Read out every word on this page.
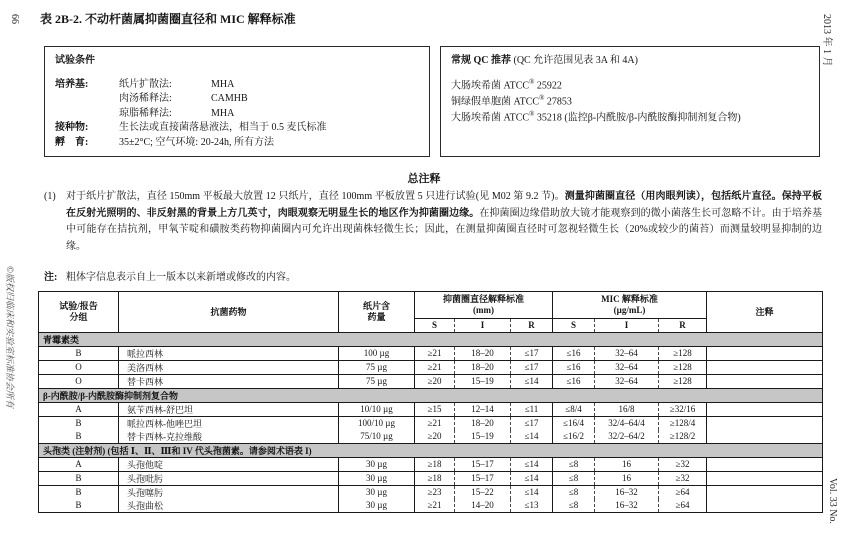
66
©版权归临床和实验室标准协会所有
2013 年 1 月
Vol. 33 No.
表 2B-2. 不动杆菌属抑菌圈直径和 MIC 解释标准
试验条件
培养基:	纸片扩散法:	MHA
肉汤稀释法:	CAMHB
琼脂稀释法:	MHA
接种物:	生长法或直接菌落悬液法，相当于 0.5 麦氏标准
孵　育:	35±2°C; 空气环境: 20-24h, 所有方法
常规 QC 推荐 (QC 允许范围见表 3A 和 4A)
大肠埃希菌 ATCC® 25922
铜绿假单胞菌 ATCC® 27853
大肠埃希菌 ATCC® 35218 (监控β-内酰胺/β-内酰胺酶抑制剂复合物)
总注释
(1)	对于纸片扩散法，直径 150mm 平板最大放置 12 只纸片，直径 100mm 平板放置 5 只进行试验(见 M02 第 9.2 节)。测量抑菌圈直径（用肉眼判读），包括纸片直径。保持平板在反射光照明的、非反射黑的背景上方几英寸，肉眼观察无明显生长的地区作为抑菌圈边缘。在抑菌圈边缘借助放大镜才能观察到的微小菌落生长可忽略不计。由于培养基中可能存在拮抗剂，甲氧苄啶和磺胺类药物抑菌圈内可允许出现菌株轻微生长；因此，在测量抑菌圈直径时可忽视轻微生长（20%或较少的菌苔）而测量较明显抑制的边缘。
注: 粗体字信息表示自上一版本以来新增或修改的内容。
试验/报告
分组	抗菌药物	纸片含
药量	抑菌圈直径解释标准
(mm)			MIC 解释标准
(µg/mL)			注释
			S	I	R	S	I	R	
青霉素类									
B	哌拉西林	100 µg	≥21	18–20	≤17	≤16	32–64	≥128	
O	美洛西林	75 µg	≥21	18–20	≤17	≤16	32–64	≥128	
O	替卡西林	75 µg	≥20	15–19	≤14	≤16	32–64	≥128	
β-内酰胺/β-内酰胺酶抑制剂复合物									
A	氨苄西林-舒巴坦	10/10 µg	≥15	12–14	≤11	≤8/4	16/8	≥32/16	
B	哌拉西林-他唑巴坦	100/10 µg	≥21	18–20	≤17	≤16/4	32/4–64/4	≥128/4	
B	替卡西林-克拉维酸	75/10 µg	≥20	15–19	≤14	≤16/2	32/2–64/2	≥128/2	
头孢类 (注射剂) (包括 Ⅰ、Ⅱ、Ⅲ和 IV 代头孢菌素。请参阅术语表 I)									
A	头孢他啶	30 µg	≥18	15–17	≤14	≤8	16	≥32	
B	头孢吡肟	30 µg	≥18	15–17	≤14	≤8	16	≥32	
B	头孢噻肟	30 µg	≥23	15–22	≤14	≤8	16–32	≥64	
B	头孢曲松	30 µg	≥21	14–20	≤13	≤8	16–32	≥64	
